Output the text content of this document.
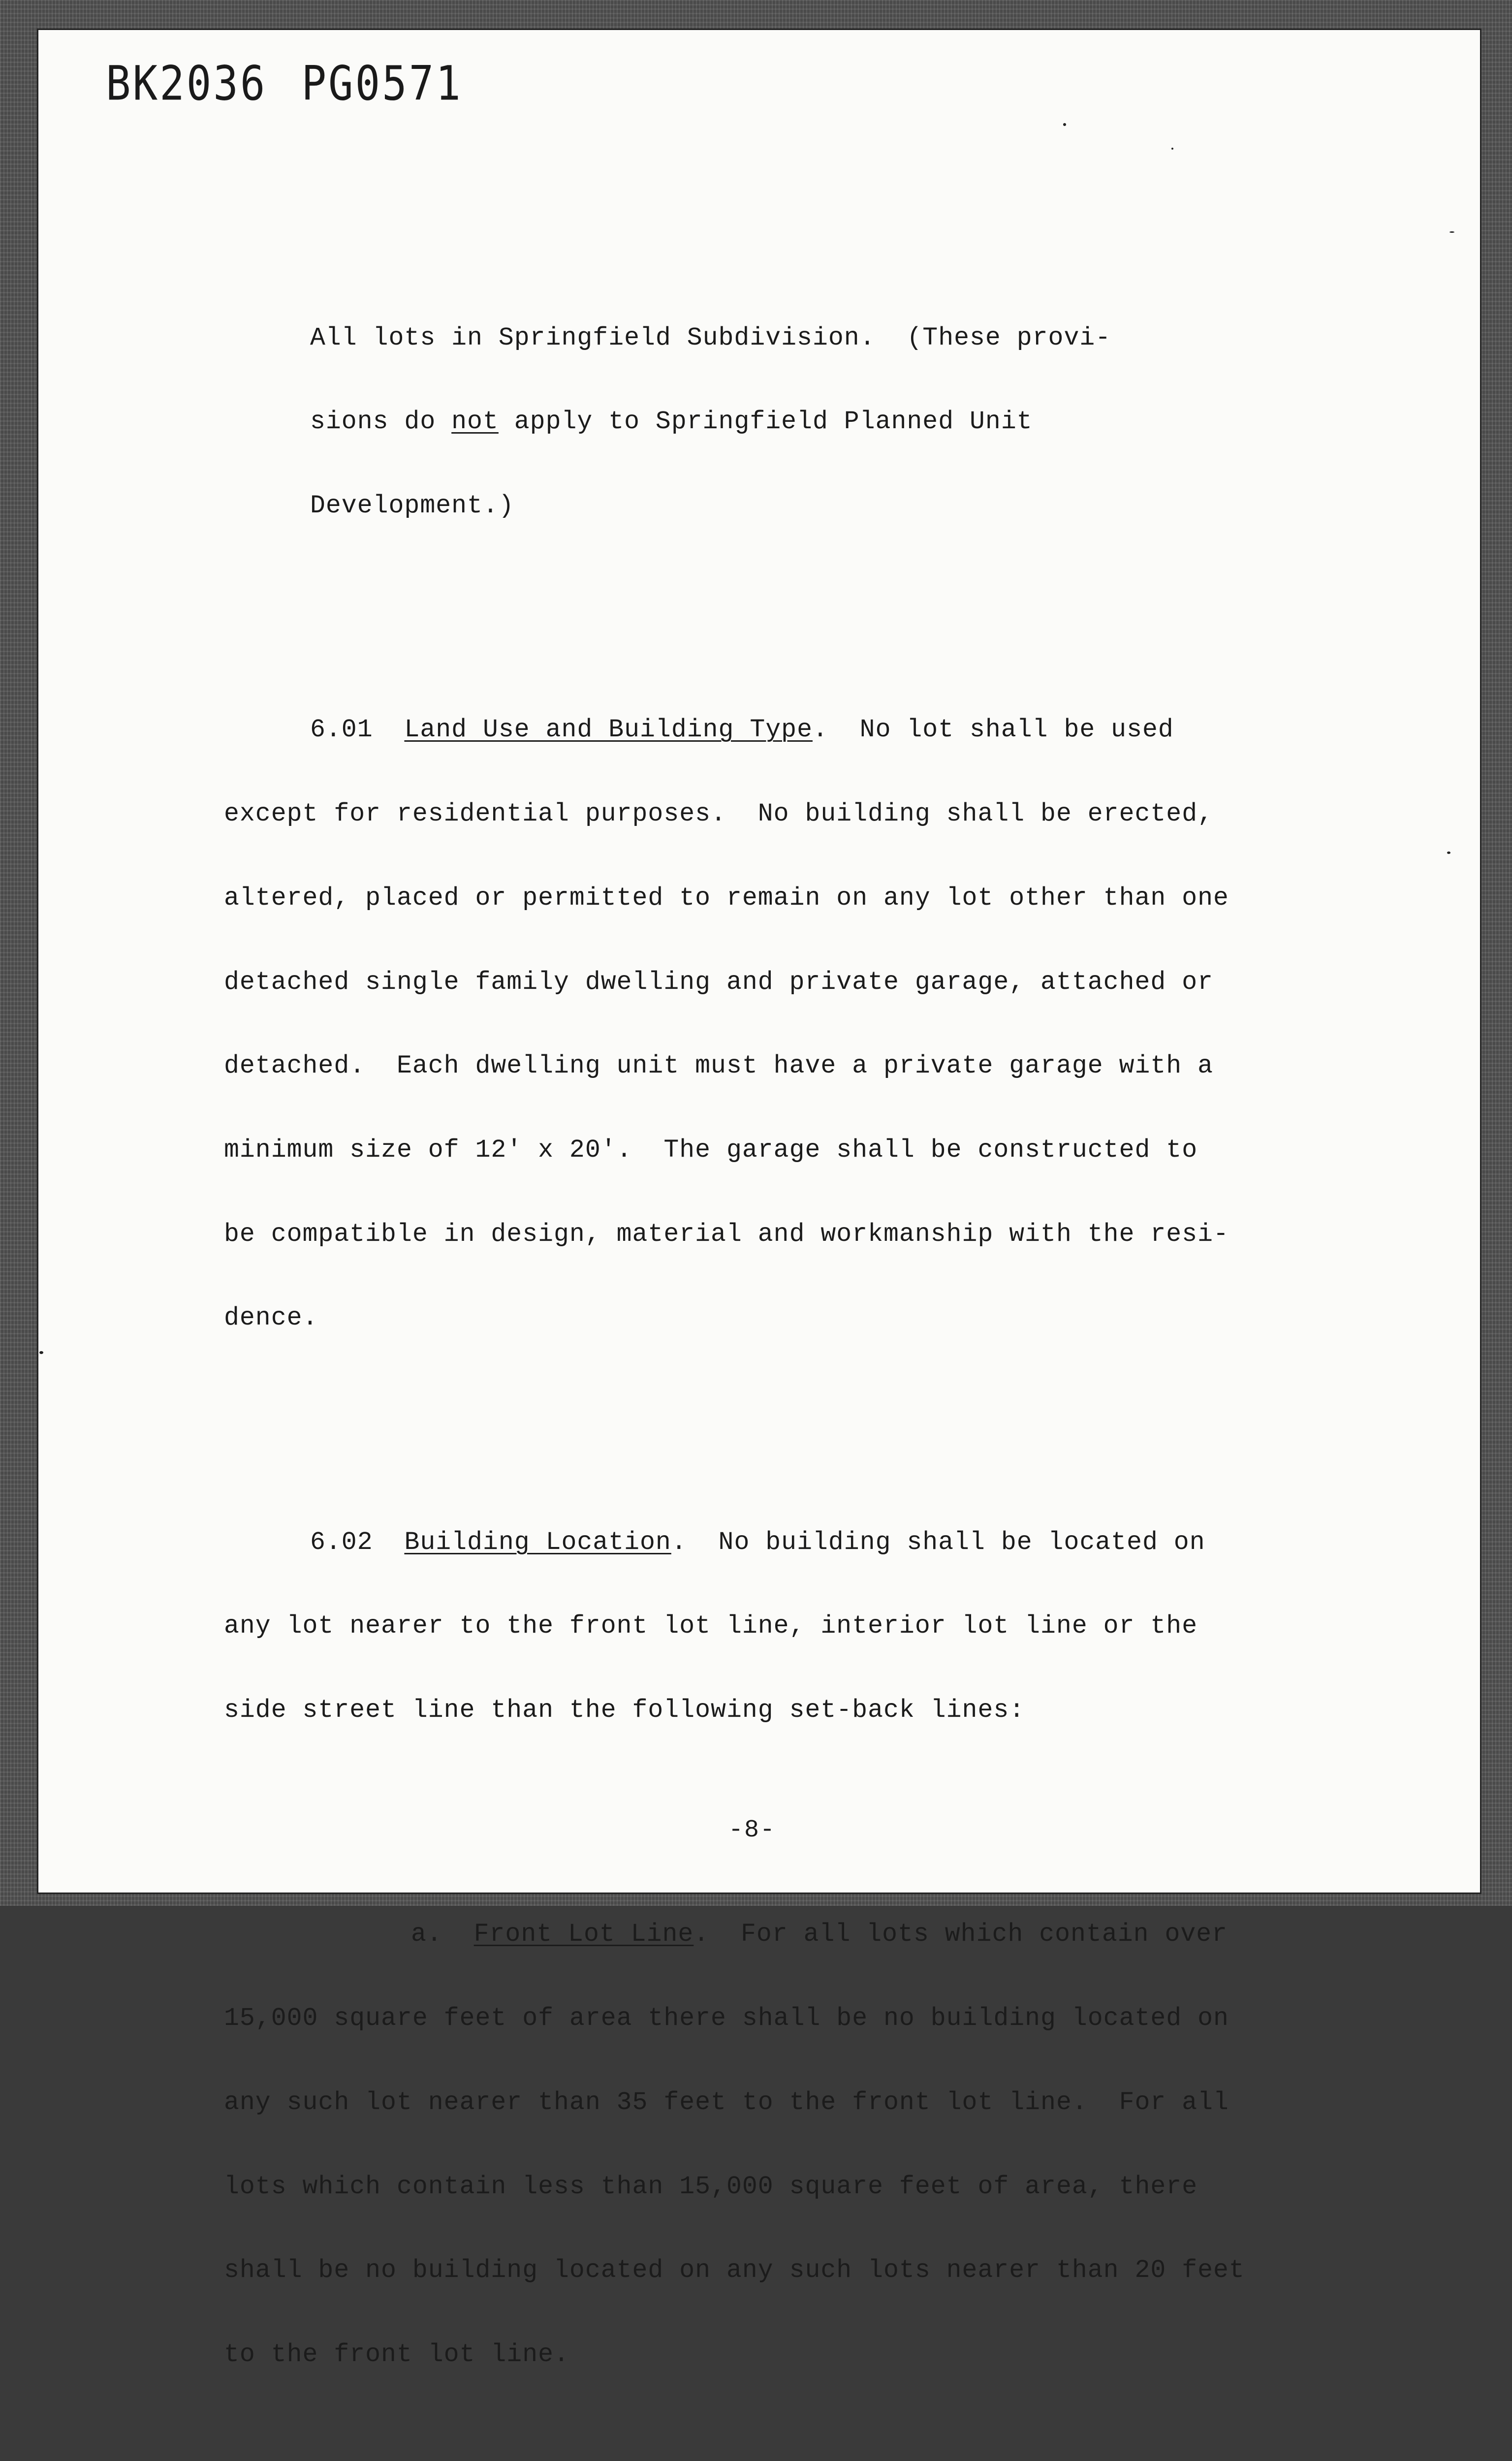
BK2036 PG0571

All lots in Springfield Subdivision.  (These provi-

sions do not apply to Springfield Planned Unit

Development.)

6.01  Land Use and Building Type.  No lot shall be used

except for residential purposes.  No building shall be erected,

altered, placed or permitted to remain on any lot other than one

detached single family dwelling and private garage, attached or

detached.  Each dwelling unit must have a private garage with a

minimum size of 12' x 20'.  The garage shall be constructed to

be compatible in design, material and workmanship with the resi-

dence.

6.02  Building Location.  No building shall be located on

any lot nearer to the front lot line, interior lot line or the

side street line than the following set-back lines:

a.  Front Lot Line.  For all lots which contain over

15,000 square feet of area there shall be no building located on

any such lot nearer than 35 feet to the front lot line.  For all

lots which contain less than 15,000 square feet of area, there

shall be no building located on any such lots nearer than 20 feet

to the front lot line.

-8-
